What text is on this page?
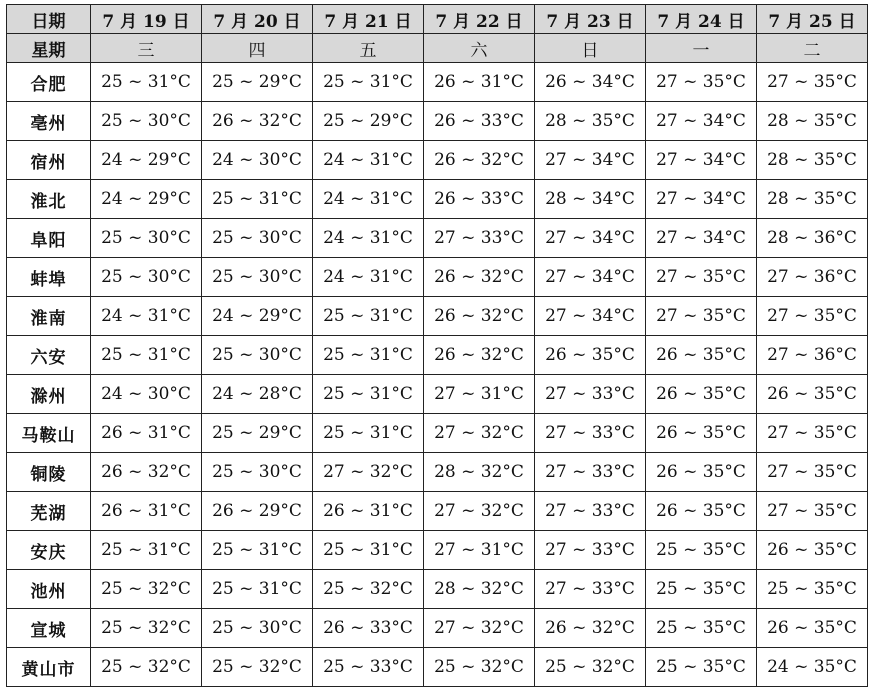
日期	7 月 19 日	7 月 20 日	7 月 21 日	7 月 22 日	7 月 23 日	7 月 24 日	7 月 25 日
星期	三	四	五	六	日	一	二
合肥	25 ~ 31°C	25 ~ 29°C	25 ~ 31°C	26 ~ 31°C	26 ~ 34°C	27 ~ 35°C	27 ~ 35°C
亳州	25 ~ 30°C	26 ~ 32°C	25 ~ 29°C	26 ~ 33°C	28 ~ 35°C	27 ~ 34°C	28 ~ 35°C
宿州	24 ~ 29°C	24 ~ 30°C	24 ~ 31°C	26 ~ 32°C	27 ~ 34°C	27 ~ 34°C	28 ~ 35°C
淮北	24 ~ 29°C	25 ~ 31°C	24 ~ 31°C	26 ~ 33°C	28 ~ 34°C	27 ~ 34°C	28 ~ 35°C
阜阳	25 ~ 30°C	25 ~ 30°C	24 ~ 31°C	27 ~ 33°C	27 ~ 34°C	27 ~ 34°C	28 ~ 36°C
蚌埠	25 ~ 30°C	25 ~ 30°C	24 ~ 31°C	26 ~ 32°C	27 ~ 34°C	27 ~ 35°C	27 ~ 36°C
淮南	24 ~ 31°C	24 ~ 29°C	25 ~ 31°C	26 ~ 32°C	27 ~ 34°C	27 ~ 35°C	27 ~ 35°C
六安	25 ~ 31°C	25 ~ 30°C	25 ~ 31°C	26 ~ 32°C	26 ~ 35°C	26 ~ 35°C	27 ~ 36°C
滁州	24 ~ 30°C	24 ~ 28°C	25 ~ 31°C	27 ~ 31°C	27 ~ 33°C	26 ~ 35°C	26 ~ 35°C
马鞍山	26 ~ 31°C	25 ~ 29°C	25 ~ 31°C	27 ~ 32°C	27 ~ 33°C	26 ~ 35°C	27 ~ 35°C
铜陵	26 ~ 32°C	25 ~ 30°C	27 ~ 32°C	28 ~ 32°C	27 ~ 33°C	26 ~ 35°C	27 ~ 35°C
芜湖	26 ~ 31°C	26 ~ 29°C	26 ~ 31°C	27 ~ 32°C	27 ~ 33°C	26 ~ 35°C	27 ~ 35°C
安庆	25 ~ 31°C	25 ~ 31°C	25 ~ 31°C	27 ~ 31°C	27 ~ 33°C	25 ~ 35°C	26 ~ 35°C
池州	25 ~ 32°C	25 ~ 31°C	25 ~ 32°C	28 ~ 32°C	27 ~ 33°C	25 ~ 35°C	25 ~ 35°C
宣城	25 ~ 32°C	25 ~ 30°C	26 ~ 33°C	27 ~ 32°C	26 ~ 32°C	25 ~ 35°C	26 ~ 35°C
黄山市	25 ~ 32°C	25 ~ 32°C	25 ~ 33°C	25 ~ 32°C	25 ~ 32°C	25 ~ 35°C	24 ~ 35°C
